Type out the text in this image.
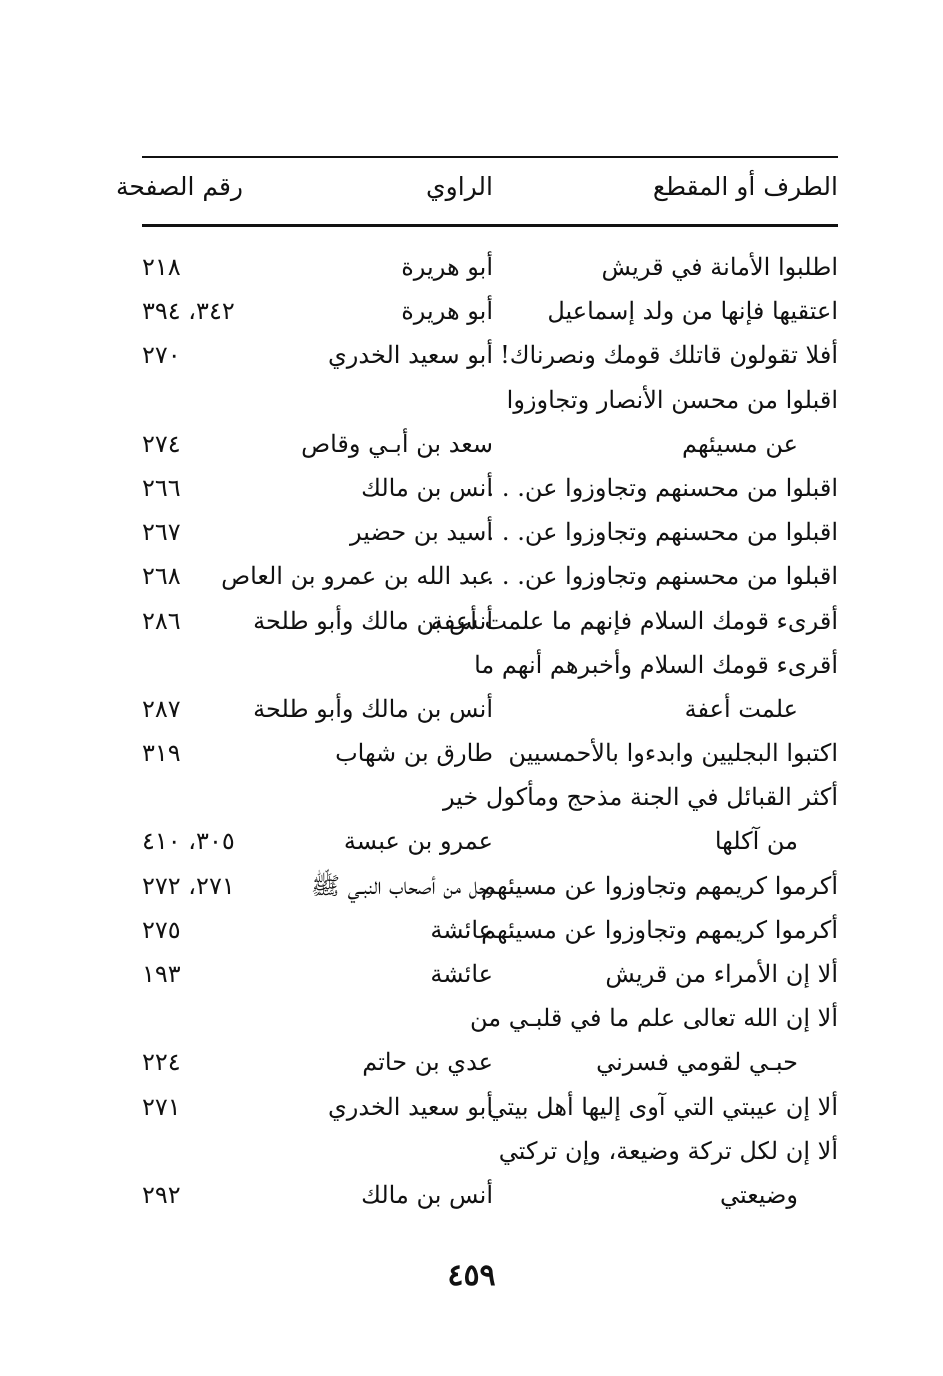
الطرف أو المقطع
الراوي
رقم الصفحة
اطلبوا الأمانة في قريش
أبو هريرة
٢١٨
اعتقيها فإنها من ولد إسماعيل
أبو هريرة
٣٤٢، ٣٩٤
أفلا تقولون قاتلك قومك ونصرناك!
أبو سعيد الخدري
٢٧٠
اقبلوا من محسن الأنصار وتجاوزوا
عن مسيئهم
سعد بن أبـي وقاص
٢٧٤
اقبلوا من محسنهم وتجاوزوا عن. . .
أنس بن مالك
٢٦٦
اقبلوا من محسنهم وتجاوزوا عن. . .
أسيد بن حضير
٢٦٧
اقبلوا من محسنهم وتجاوزوا عن. . .
عبد الله بن عمرو بن العاص
٢٦٨
أقرىء قومك السلام فإنهم ما علمت أعفة
أنس بن مالك وأبو طلحة
٢٨٦
أقرىء قومك السلام وأخبرهم أنهم ما
علمت أعفة
أنس بن مالك وأبو طلحة
٢٨٧
اكتبوا البجليين وابدءوا بالأحمسيين
طارق بن شهاب
٣١٩
أكثر القبائل في الجنة مذحج ومأكول خير
من آكلها
عمرو بن عبسة
٣٠٥، ٤١٠
أكرموا كريمهم وتجاوزوا عن مسيئهم
رجل من أصحاب النبـي ﷺ
٢٧١، ٢٧٢
أكرموا كريمهم وتجاوزوا عن مسيئهم
عائشة
٢٧٥
ألا إن الأمراء من قريش
عائشة
١٩٣
ألا إن الله تعالى علم ما في قلبـي من
حبـي لقومي فسرني
عدي بن حاتم
٢٢٤
ألا إن عيبتي التي آوى إليها أهل بيتي
أبو سعيد الخدري
٢٧١
ألا إن لكل تركة وضيعة، وإن تركتي
وضيعتي
أنس بن مالك
٢٩٢
٤٥٩
